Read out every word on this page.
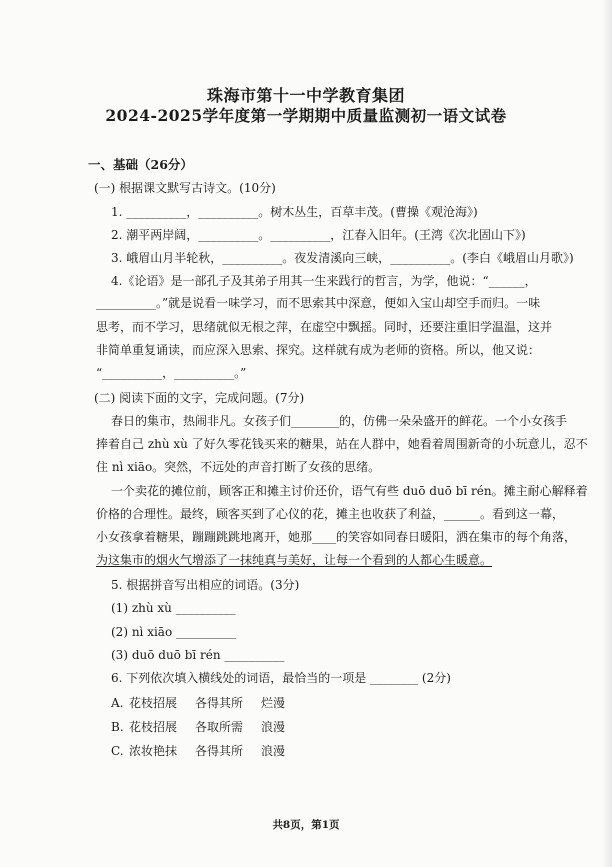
珠海市第十一中学教育集团
2024-2025学年度第一学期期中质量监测初一语文试卷
一、基础（26分）
(一) 根据课文默写古诗文。(10分)
1. __________，__________。树木丛生，百草丰茂。(曹操《观沧海》)
2. 潮平两岸阔，__________。__________，江春入旧年。(王湾《次北固山下》)
3. 峨眉山月半轮秋，__________。夜发清溪向三峡，__________。(李白《峨眉山月歌》)
4.《论语》是一部孔子及其弟子用其一生来践行的哲言，为学，他说：“______，
__________。”就是说看一味学习，而不思索其中深意，便如入宝山却空手而归。一味
思考，而不学习，思绪就似无根之萍，在虚空中飘摇。同时，还要注重旧学温温，这并
非简单重复诵读，而应深入思索、探究。这样就有成为老师的资格。所以，他又说：
“__________，__________。”
(二) 阅读下面的文字，完成问题。(7分)
春日的集市，热闹非凡。女孩子们________的，仿佛一朵朵盛开的鲜花。一个小女孩手
捧着自己 zhù xù 了好久零花钱买来的糖果，站在人群中，她看着周围新奇的小玩意儿，忍不
住 nì xiāo。突然，不远处的声音打断了女孩的思绪。
一个卖花的摊位前，顾客正和摊主讨价还价，语气有些 duō duō bī rén。摊主耐心解释着
价格的合理性。最终，顾客买到了心仪的花，摊主也收获了利益，______。看到这一幕，
小女孩拿着糖果，蹦蹦跳跳地离开，她那____的笑容如同春日暖阳，洒在集市的每个角落，
为这集市的烟火气增添了一抹纯真与美好，让每一个看到的人都心生暖意。
5. 根据拼音写出相应的词语。(3分)
(1) zhù xù __________
(2) nì xiāo __________
(3) duō duō bī rén __________
6. 下列依次填入横线处的词语，最恰当的一项是 ________ (2分)
A. 花枝招展 各得其所 烂漫
B. 花枝招展 各取所需 浪漫
C. 浓妆艳抹 各得其所 浪漫
共8页，第1页
